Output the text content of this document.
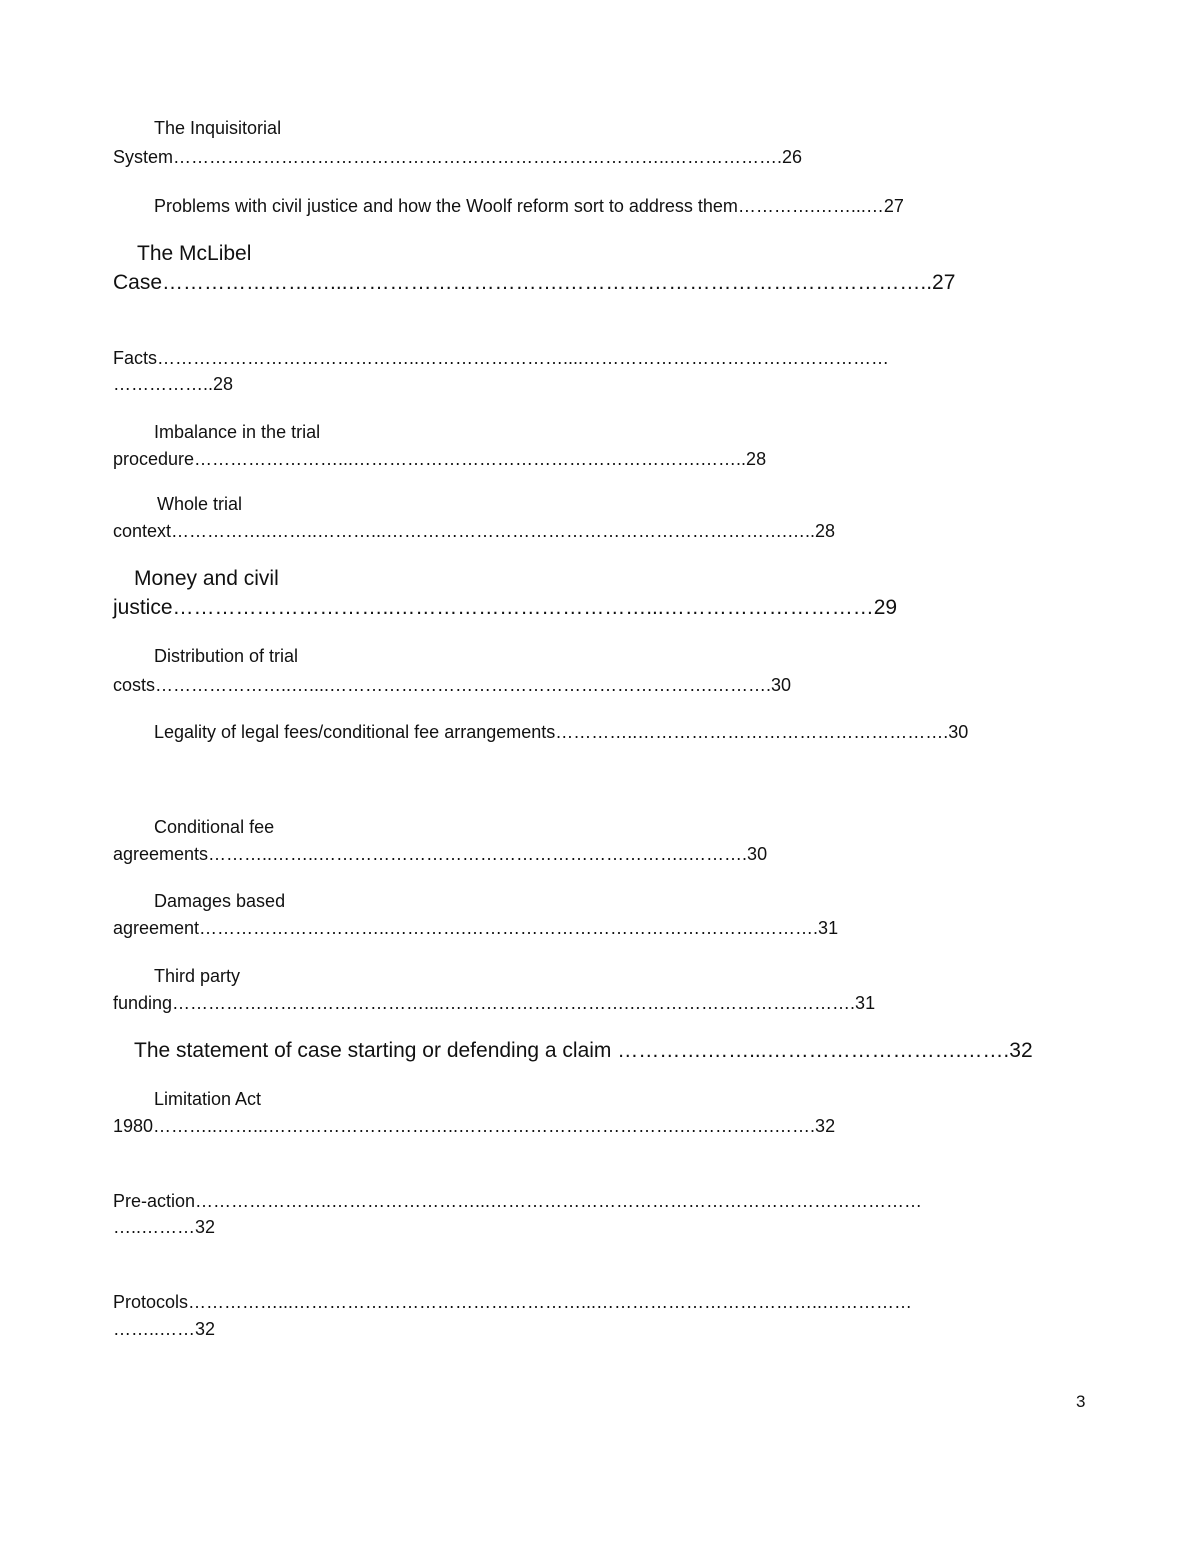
The Inquisitorial
System………………………………………………………………………..……………….26
Problems with civil justice and how the Woolf reform sort to address them………….……...…27
The McLibel
Case……………………...………………………….……………………………………………..27
Facts……………………………………..……………………....……………………………………………
……………..28
Imbalance in the trial
procedure……………………...………………………………………………….……..28
Whole trial
context……………..……..………...………………………………………………………….…..28
Money and civil
justice…………………………..………………………………...…………………………29
Distribution of trial
costs…………………..…....……………………………………………………….……….30
Legality of legal fees/conditional fee arrangements…………..…………………………………………….30
Conditional fee
agreements………..……..……………………………………………………..……….30
Damages based
agreement…………………………..………….………………………………………….……….31
Third party
funding……………………………………....………………………….……………………….……….31
The statement of case starting or defending a claim ………….……...……………………….…….32
Limitation Act
1980………..……...…………………………..……………………………….…………….…….32
Pre-action…………………..……………………...………………………………………………………………
…..………32
Protocols……………...…………………………………………...………………………………..……………
……..……32
3
